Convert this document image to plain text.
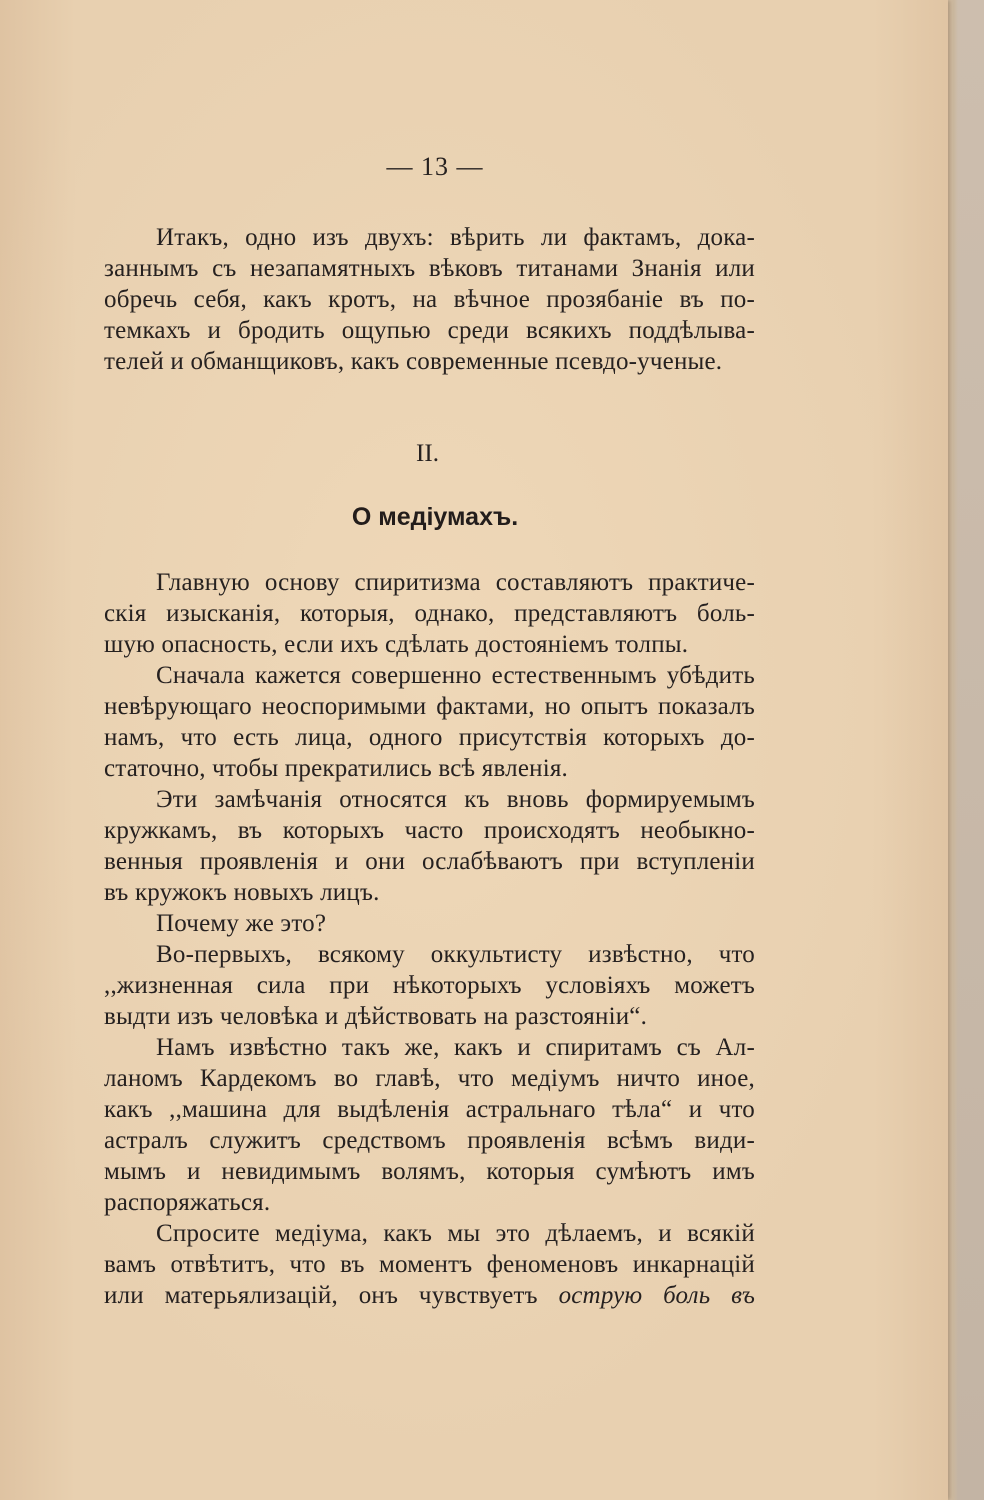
— 13 —
Итакъ, одно изъ двухъ: вѣрить ли фактамъ, дока-
заннымъ съ незапамятныхъ вѣковъ титанами Знанія или
обречь себя, какъ кротъ, на вѣчное прозябаніе въ по-
темкахъ и бродить ощупью среди всякихъ поддѣлыва-
телей и обманщиковъ, какъ современные псевдо-ученые.
II.
О медіумахъ.
Главную основу спиритизма составляютъ практиче-
скія изысканія, которыя, однако, представляютъ боль-
шую опасность, если ихъ сдѣлать достояніемъ толпы.
Сначала кажется совершенно естественнымъ убѣдить
невѣрующаго неоспоримыми фактами, но опытъ показалъ
намъ, что есть лица, одного присутствія которыхъ до-
статочно, чтобы прекратились всѣ явленія.
Эти замѣчанія относятся къ вновь формируемымъ
кружкамъ, въ которыхъ часто происходятъ необыкно-
венныя проявленія и они ослабѣваютъ при вступленіи
въ кружокъ новыхъ лицъ.
Почему же это?
Во-первыхъ, всякому оккультисту извѣстно, что
,,жизненная сила при нѣкоторыхъ условіяхъ можетъ
выдти изъ человѣка и дѣйствовать на разстояніи“.
Намъ извѣстно такъ же, какъ и спиритамъ съ Ал-
ланомъ Кардекомъ во главѣ, что медіумъ ничто иное,
какъ ,,машина для выдѣленія астральнаго тѣла“ и что
астралъ служитъ средствомъ проявленія всѣмъ види-
мымъ и невидимымъ волямъ, которыя сумѣютъ имъ
распоряжаться.
Спросите медіума, какъ мы это дѣлаемъ, и всякій
вамъ отвѣтитъ, что въ моментъ феноменовъ инкарнацій
или матерьялизацій, онъ чувствуетъ острую боль въ
